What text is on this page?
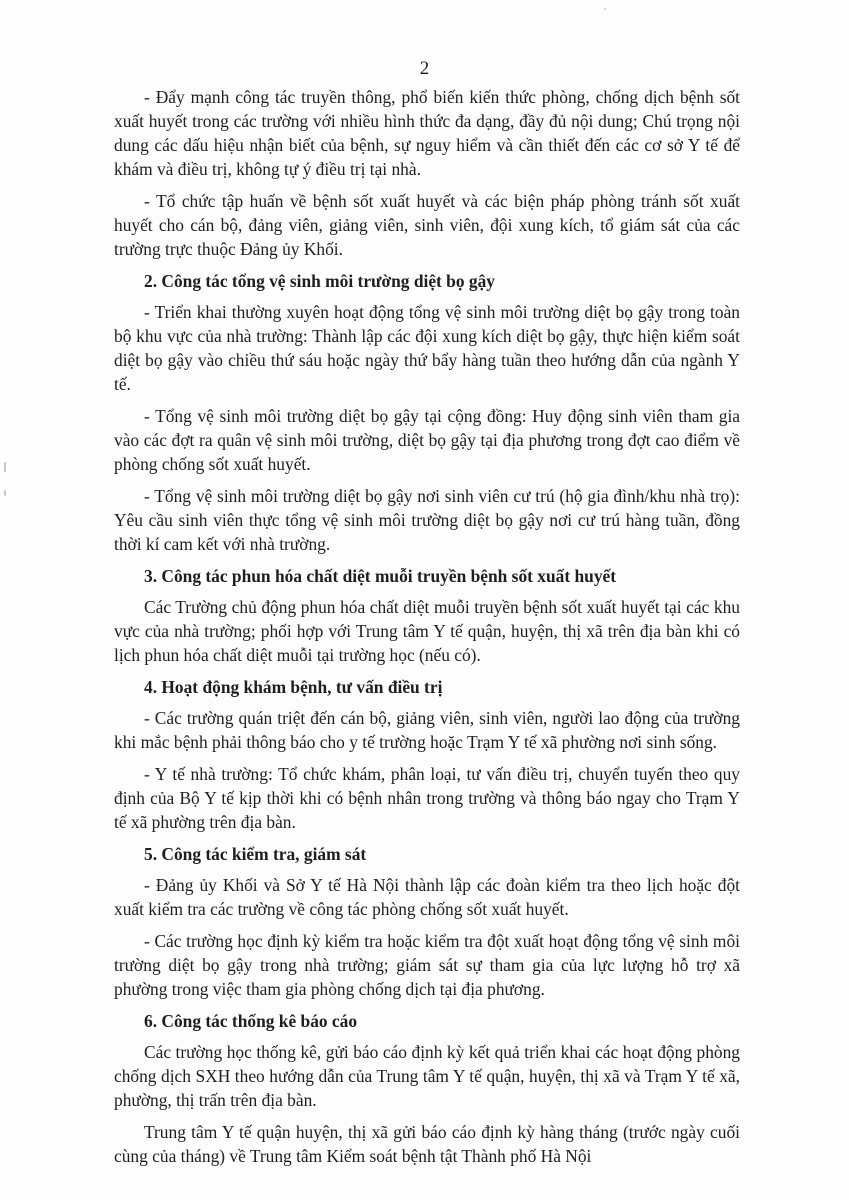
2

- Đẩy mạnh công tác truyền thông, phổ biến kiến thức phòng, chống dịch bệnh sốt xuất huyết trong các trường với nhiều hình thức đa dạng, đầy đủ nội dung; Chú trọng nội dung các dấu hiệu nhận biết của bệnh, sự nguy hiểm và cần thiết đến các cơ sở Y tế để khám và điều trị, không tự ý điều trị tại nhà.

- Tổ chức tập huấn về bệnh sốt xuất huyết và các biện pháp phòng tránh sốt xuất huyết cho cán bộ, đảng viên, giảng viên, sinh viên, đội xung kích, tổ giám sát của các trường trực thuộc Đảng ủy Khối.

2. Công tác tổng vệ sinh môi trường diệt bọ gậy

- Triển khai thường xuyên hoạt động tổng vệ sinh môi trường diệt bọ gậy trong toàn bộ khu vực của nhà trường: Thành lập các đội xung kích diệt bọ gậy, thực hiện kiểm soát diệt bọ gậy vào chiều thứ sáu hoặc ngày thứ bẩy hàng tuần theo hướng dẫn của ngành Y tế.

- Tổng vệ sinh môi trường diệt bọ gậy tại cộng đồng: Huy động sinh viên tham gia vào các đợt ra quân vệ sinh môi trường, diệt bọ gậy tại địa phương trong đợt cao điểm về phòng chống sốt xuất huyết.

- Tổng vệ sinh môi trường diệt bọ gậy nơi sinh viên cư trú (hộ gia đình/khu nhà trọ): Yêu cầu sinh viên thực tổng vệ sinh môi trường diệt bọ gậy nơi cư trú hàng tuần, đồng thời kí cam kết với nhà trường.

3. Công tác phun hóa chất diệt muỗi truyền bệnh sốt xuất huyết

Các Trường chủ động phun hóa chất diệt muỗi truyền bệnh sốt xuất huyết tại các khu vực của nhà trường; phối hợp với Trung tâm Y tế quận, huyện, thị xã trên địa bàn khi có lịch phun hóa chất diệt muỗi tại trường học (nếu có).

4. Hoạt động khám bệnh, tư vấn điều trị

- Các trường quán triệt đến cán bộ, giảng viên, sinh viên, người lao động của trường khi mắc bệnh phải thông báo cho y tế trường hoặc Trạm Y tế xã phường nơi sinh sống.

- Y tế nhà trường: Tổ chức khám, phân loại, tư vấn điều trị, chuyển tuyến theo quy định của Bộ Y tế kịp thời khi có bệnh nhân trong trường và thông báo ngay cho Trạm Y tế xã phường trên địa bàn.

5. Công tác kiểm tra, giám sát

- Đảng ủy Khối và Sở Y tế Hà Nội thành lập các đoàn kiểm tra theo lịch hoặc đột xuất kiểm tra các trường về công tác phòng chống sốt xuất huyết.

- Các trường học định kỳ kiểm tra hoặc kiểm tra đột xuất hoạt động tổng vệ sinh môi trường diệt bọ gậy trong nhà trường; giám sát sự tham gia của lực lượng hỗ trợ xã phường trong việc tham gia phòng chống dịch tại địa phương.

6. Công tác thống kê báo cáo

Các trường học thống kê, gửi báo cáo định kỳ kết quả triển khai các hoạt động phòng chống dịch SXH theo hướng dẫn của Trung tâm Y tế quận, huyện, thị xã và Trạm Y tế xã, phường, thị trấn trên địa bàn.

Trung tâm Y tế quận huyện, thị xã gửi báo cáo định kỳ hàng tháng (trước ngày cuối cùng của tháng) về Trung tâm Kiểm soát bệnh tật Thành phố Hà Nội
